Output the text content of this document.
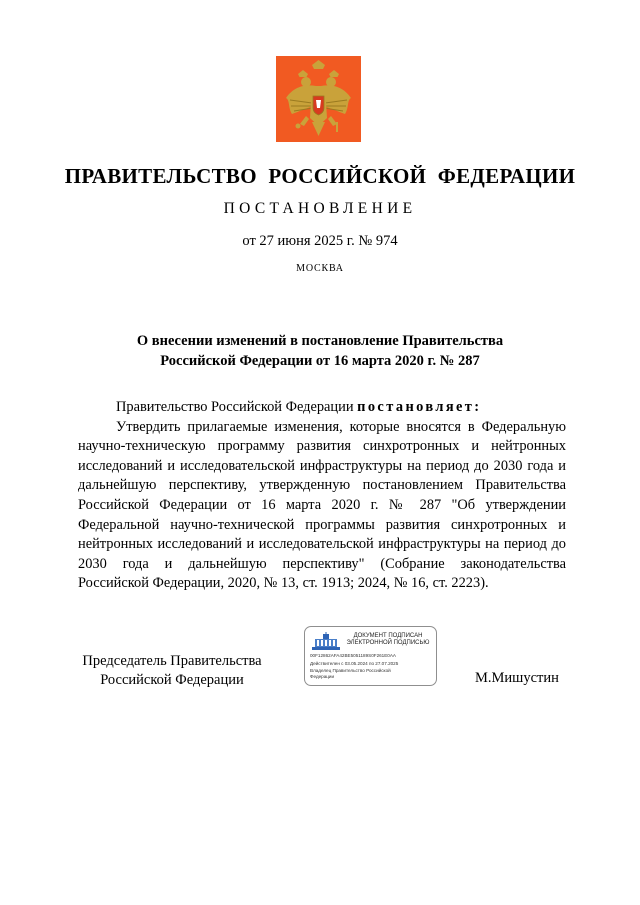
ПРАВИТЕЛЬСТВО РОССИЙСКОЙ ФЕДЕРАЦИИ
ПОСТАНОВЛЕНИЕ
от 27 июня 2025 г. № 974
МОСКВА
О внесении изменений в постановление Правительства
Российской Федерации от 16 марта 2020 г. № 287

Правительство Российской Федерации постановляет:

Утвердить прилагаемые изменения, которые вносятся в Федеральную научно-техническую программу развития синхротронных и нейтронных исследований и исследовательской инфраструктуры на период до 2030 года и дальнейшую перспективу, утвержденную постановлением Правительства Российской Федерации от 16 марта 2020 г. № 287 "Об утверждении Федеральной научно-технической программы развития синхротронных и нейтронных исследований и исследовательской инфраструктуры на период до 2030 года и дальнейшую перспективу" (Собрание законодательства Российской Федерации, 2020, № 13, ст. 1913; 2024, № 16, ст. 2223).

Председатель Правительства
Российской Федерации
ДОКУМЕНТ ПОДПИСАН
ЭЛЕКТРОННОЙ ПОДПИСЬЮ
00F12862AFA42BE5051189S0F261E0AA
Действителен с 03.05.2024 по 27.07.2025
Владелец Правительство Российской
Федерации	М.Мишустин
